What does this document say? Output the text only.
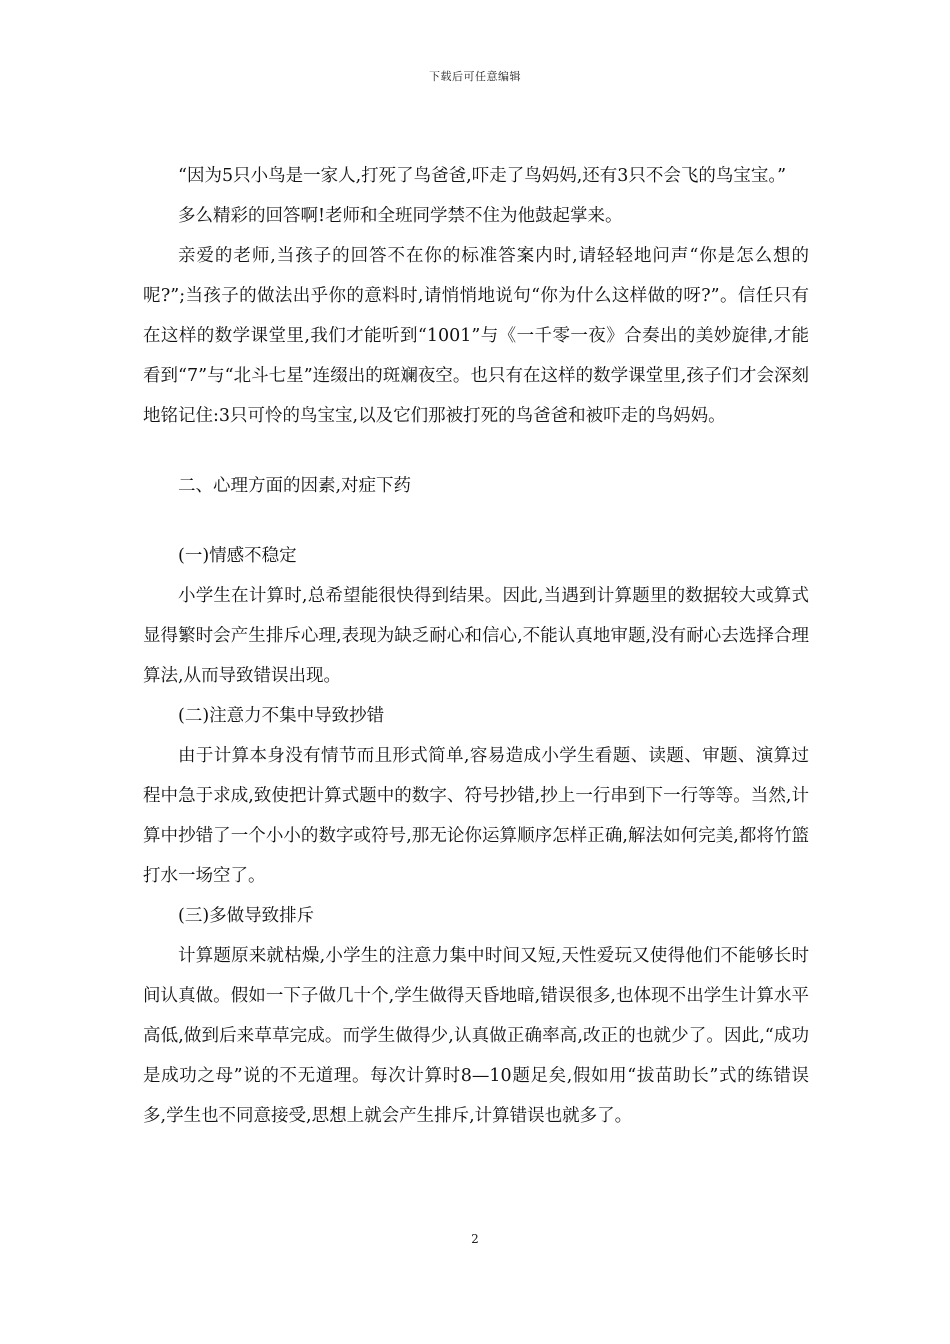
下载后可任意编辑

“因为5只小鸟是一家人,打死了鸟爸爸,吓走了鸟妈妈,还有3只不会飞的鸟宝宝。”

多么精彩的回答啊!老师和全班同学禁不住为他鼓起掌来。

亲爱的老师,当孩子的回答不在你的标准答案内时,请轻轻地问声“你是怎么想的呢?”;当孩子的做法出乎你的意料时,请悄悄地说句“你为什么这样做的呀?”。信任只有在这样的数学课堂里,我们才能听到“1001”与《一千零一夜》合奏出的美妙旋律,才能看到“7”与“北斗七星”连缀出的斑斓夜空。也只有在这样的数学课堂里,孩子们才会深刻地铭记住:3只可怜的鸟宝宝,以及它们那被打死的鸟爸爸和被吓走的鸟妈妈。

二、心理方面的因素,对症下药

(一)情感不稳定

小学生在计算时,总希望能很快得到结果。因此,当遇到计算题里的数据较大或算式显得繁时会产生排斥心理,表现为缺乏耐心和信心,不能认真地审题,没有耐心去选择合理算法,从而导致错误出现。

(二)注意力不集中导致抄错

由于计算本身没有情节而且形式简单,容易造成小学生看题、读题、审题、演算过程中急于求成,致使把计算式题中的数字、符号抄错,抄上一行串到下一行等等。当然,计算中抄错了一个小小的数字或符号,那无论你运算顺序怎样正确,解法如何完美,都将竹篮打水一场空了。

(三)多做导致排斥

计算题原来就枯燥,小学生的注意力集中时间又短,天性爱玩又使得他们不能够长时间认真做。假如一下子做几十个,学生做得天昏地暗,错误很多,也体现不出学生计算水平高低,做到后来草草完成。而学生做得少,认真做正确率高,改正的也就少了。因此,“成功是成功之母”说的不无道理。每次计算时8—10题足矣,假如用“拔苗助长”式的练错误多,学生也不同意接受,思想上就会产生排斥,计算错误也就多了。

2
